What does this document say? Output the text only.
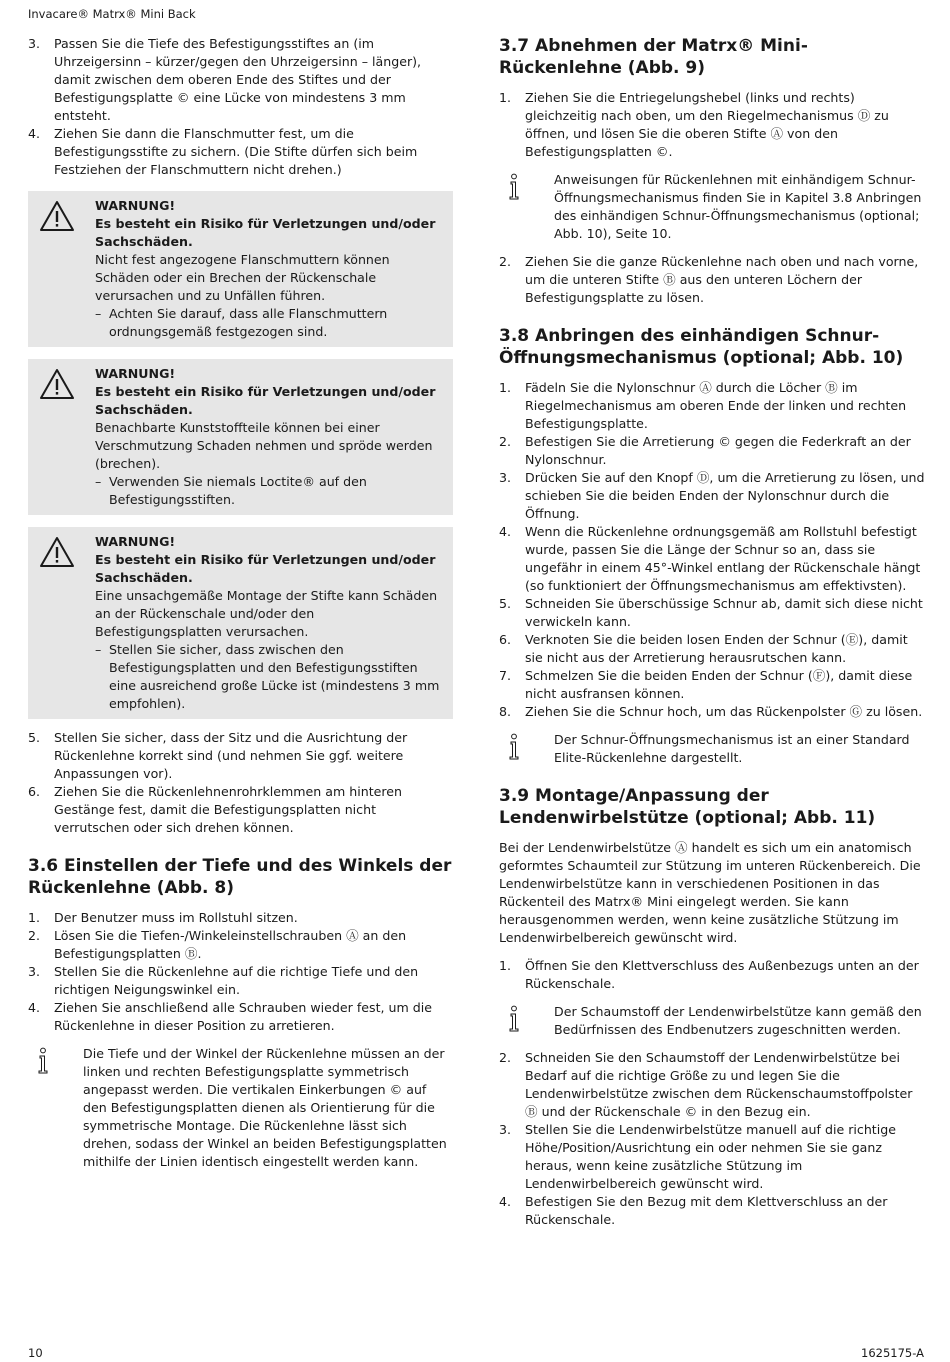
Invacare® Matrx® Mini Back
3.	Passen Sie die Tiefe des Befestigungsstiftes an (im Uhrzeigersinn – kürzer/gegen den Uhrzeigersinn – länger), damit zwischen dem oberen Ende des Stiftes und der Befestigungsplatte © eine Lücke von mindestens 3 mm entsteht.
4.	Ziehen Sie dann die Flanschmutter fest, um die Befestigungsstifte zu sichern. (Die Stifte dürfen sich beim Festziehen der Flanschmuttern nicht drehen.)
WARNUNG!
Es besteht ein Risiko für Verletzungen und/oder Sachschäden.
Nicht fest angezogene Flanschmuttern können Schäden oder ein Brechen der Rückenschale verursachen und zu Unfällen führen.
– Achten Sie darauf, dass alle Flanschmuttern ordnungsgemäß festgezogen sind.
WARNUNG!
Es besteht ein Risiko für Verletzungen und/oder Sachschäden.
Benachbarte Kunststoffteile können bei einer Verschmutzung Schaden nehmen und spröde werden (brechen).
– Verwenden Sie niemals Loctite® auf den Befestigungsstiften.
WARNUNG!
Es besteht ein Risiko für Verletzungen und/oder Sachschäden.
Eine unsachgemäße Montage der Stifte kann Schäden an der Rückenschale und/oder den Befestigungsplatten verursachen.
– Stellen Sie sicher, dass zwischen den Befestigungsplatten und den Befestigungsstiften eine ausreichend große Lücke ist (mindestens 3 mm empfohlen).
5.	Stellen Sie sicher, dass der Sitz und die Ausrichtung der Rückenlehne korrekt sind (und nehmen Sie ggf. weitere Anpassungen vor).
6.	Ziehen Sie die Rückenlehnenrohrklemmen am hinteren Gestänge fest, damit die Befestigungsplatten nicht verrutschen oder sich drehen können.
3.6 Einstellen der Tiefe und des Winkels der Rückenlehne (Abb. 8)
1.	Der Benutzer muss im Rollstuhl sitzen.
2.	Lösen Sie die Tiefen-/Winkeleinstellschrauben Ⓐ an den Befestigungsplatten Ⓑ.
3.	Stellen Sie die Rückenlehne auf die richtige Tiefe und den richtigen Neigungswinkel ein.
4.	Ziehen Sie anschließend alle Schrauben wieder fest, um die Rückenlehne in dieser Position zu arretieren.
Die Tiefe und der Winkel der Rückenlehne müssen an der linken und rechten Befestigungsplatte symmetrisch angepasst werden. Die vertikalen Einkerbungen © auf den Befestigungsplatten dienen als Orientierung für die symmetrische Montage. Die Rückenlehne lässt sich drehen, sodass der Winkel an beiden Befestigungsplatten mithilfe der Linien identisch eingestellt werden kann.
3.7 Abnehmen der Matrx® Mini-Rückenlehne (Abb. 9)
1.	Ziehen Sie die Entriegelungshebel (links und rechts) gleichzeitig nach oben, um den Riegelmechanismus Ⓓ zu öffnen, und lösen Sie die oberen Stifte Ⓐ von den Befestigungsplatten ©.
Anweisungen für Rückenlehnen mit einhändigem Schnur-Öffnungsmechanismus finden Sie in Kapitel 3.8 Anbringen des einhändigen Schnur-Öffnungsmechanismus (optional; Abb. 10), Seite 10.
2.	Ziehen Sie die ganze Rückenlehne nach oben und nach vorne, um die unteren Stifte Ⓑ aus den unteren Löchern der Befestigungsplatte zu lösen.
3.8 Anbringen des einhändigen Schnur-Öffnungsmechanismus (optional; Abb. 10)
1.	Fädeln Sie die Nylonschnur Ⓐ durch die Löcher Ⓑ im Riegelmechanismus am oberen Ende der linken und rechten Befestigungsplatte.
2.	Befestigen Sie die Arretierung © gegen die Federkraft an der Nylonschnur.
3.	Drücken Sie auf den Knopf Ⓓ, um die Arretierung zu lösen, und schieben Sie die beiden Enden der Nylonschnur durch die Öffnung.
4.	Wenn die Rückenlehne ordnungsgemäß am Rollstuhl befestigt wurde, passen Sie die Länge der Schnur so an, dass sie ungefähr in einem 45°-Winkel entlang der Rückenschale hängt (so funktioniert der Öffnungsmechanismus am effektivsten).
5.	Schneiden Sie überschüssige Schnur ab, damit sich diese nicht verwickeln kann.
6.	Verknoten Sie die beiden losen Enden der Schnur (Ⓔ), damit sie nicht aus der Arretierung herausrutschen kann.
7.	Schmelzen Sie die beiden Enden der Schnur (Ⓕ), damit diese nicht ausfransen können.
8.	Ziehen Sie die Schnur hoch, um das Rückenpolster Ⓖ zu lösen.
Der Schnur-Öffnungsmechanismus ist an einer Standard Elite-Rückenlehne dargestellt.
3.9 Montage/Anpassung der Lendenwirbelstütze (optional; Abb. 11)

Bei der Lendenwirbelstütze Ⓐ handelt es sich um ein anatomisch geformtes Schaumteil zur Stützung im unteren Rückenbereich. Die Lendenwirbelstütze kann in verschiedenen Positionen in das Rückenteil des Matrx® Mini eingelegt werden. Sie kann herausgenommen werden, wenn keine zusätzliche Stützung im Lendenwirbelbereich gewünscht wird.

1.	Öffnen Sie den Klettverschluss des Außenbezugs unten an der Rückenschale.
Der Schaumstoff der Lendenwirbelstütze kann gemäß den Bedürfnissen des Endbenutzers zugeschnitten werden.
2.	Schneiden Sie den Schaumstoff der Lendenwirbelstütze bei Bedarf auf die richtige Größe zu und legen Sie die Lendenwirbelstütze zwischen dem Rückenschaumstoffpolster Ⓑ und der Rückenschale © in den Bezug ein.
3.	Stellen Sie die Lendenwirbelstütze manuell auf die richtige Höhe/Position/Ausrichtung ein oder nehmen Sie sie ganz heraus, wenn keine zusätzliche Stützung im Lendenwirbelbereich gewünscht wird.
4.	Befestigen Sie den Bezug mit dem Klettverschluss an der Rückenschale.
10	1625175-A
